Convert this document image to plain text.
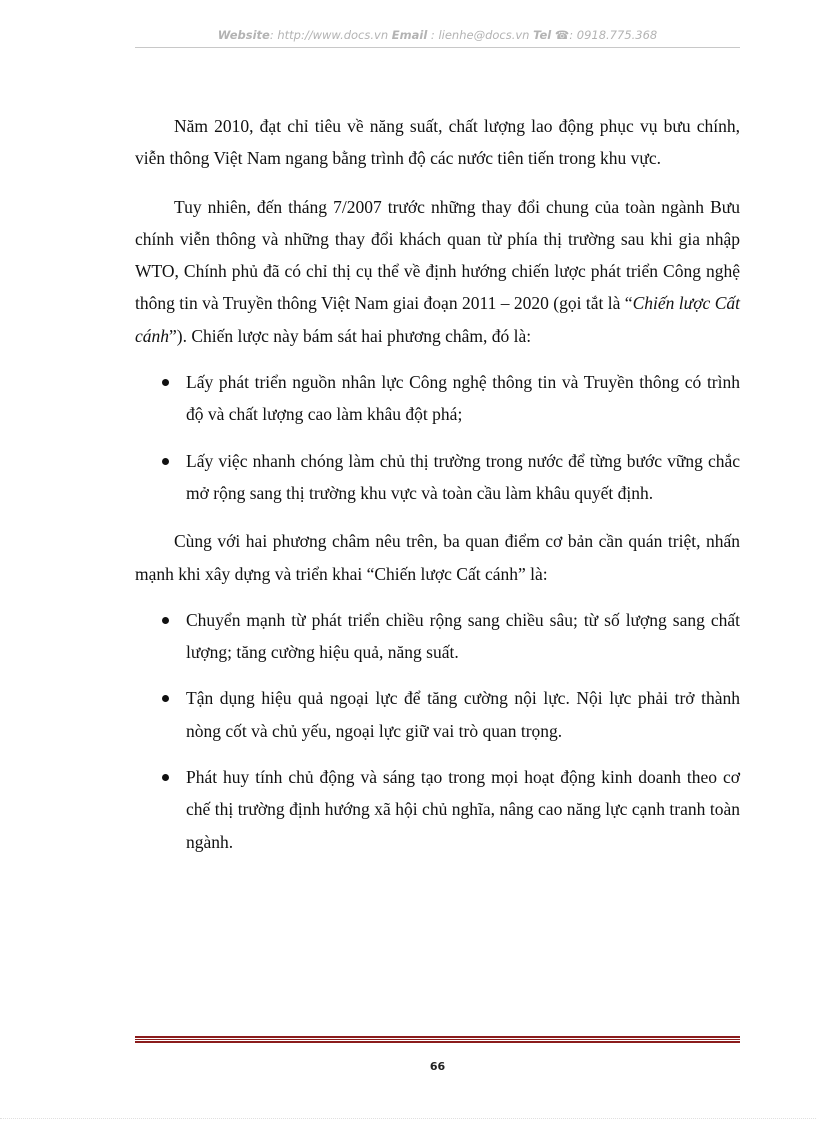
Website: http://www.docs.vn Email : lienhe@docs.vn Tel ☎: 0918.775.368

Năm 2010, đạt chỉ tiêu về năng suất, chất lượng lao động phục vụ bưu chính, viễn thông Việt Nam ngang bằng trình độ các nước tiên tiến trong khu vực.

Tuy nhiên, đến tháng 7/2007 trước những thay đổi chung của toàn ngành Bưu chính viễn thông và những thay đổi khách quan từ phía thị trường sau khi gia nhập WTO, Chính phủ đã có chỉ thị cụ thể về định hướng chiến lược phát triển Công nghệ thông tin và Truyền thông Việt Nam giai đoạn 2011 – 2020 (gọi tắt là “Chiến lược Cất cánh”). Chiến lược này bám sát hai phương châm, đó là:

Lấy phát triển nguồn nhân lực Công nghệ thông tin và Truyền thông có trình độ và chất lượng cao làm khâu đột phá;
Lấy việc nhanh chóng làm chủ thị trường trong nước để từng bước vững chắc mở rộng sang thị trường khu vực và toàn cầu làm khâu quyết định.

Cùng với hai phương châm nêu trên, ba quan điểm cơ bản cần quán triệt, nhấn mạnh khi xây dựng và triển khai “Chiến lược Cất cánh” là:

Chuyển mạnh từ phát triển chiều rộng sang chiều sâu; từ số lượng sang chất lượng; tăng cường hiệu quả, năng suất.
Tận dụng hiệu quả ngoại lực để tăng cường nội lực. Nội lực phải trở thành nòng cốt và chủ yếu, ngoại lực giữ vai trò quan trọng.
Phát huy tính chủ động và sáng tạo trong mọi hoạt động kinh doanh theo cơ chế thị trường định hướng xã hội chủ nghĩa, nâng cao năng lực cạnh tranh toàn ngành.
66
